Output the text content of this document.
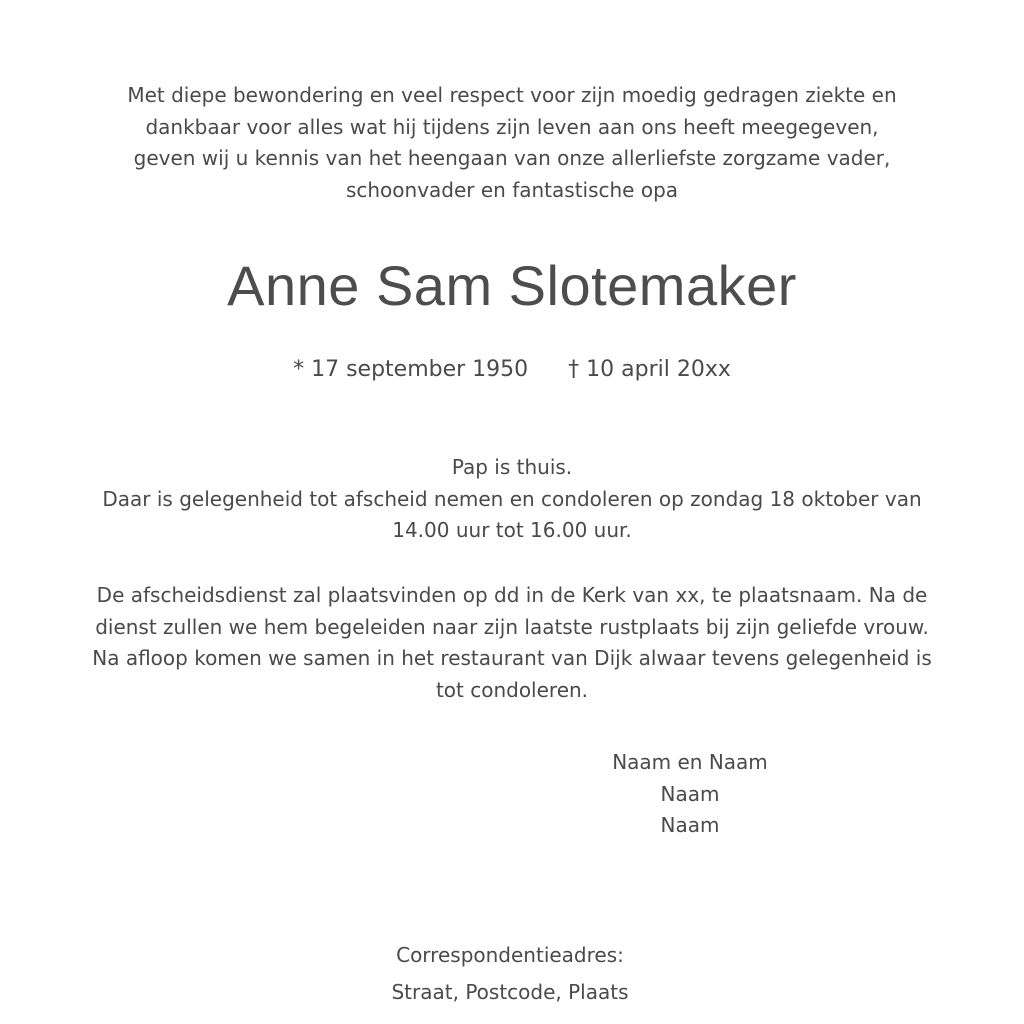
Met diepe bewondering en veel respect voor zijn moedig gedragen ziekte en
dankbaar voor alles wat hij tijdens zijn leven aan ons heeft meegegeven,
geven wij u kennis van het heengaan van onze allerliefste zorgzame vader,
schoonvader en fantastische opa
Anne Sam Slotemaker
* 17 september 1950 † 10 april 20xx
Pap is thuis.
Daar is gelegenheid tot afscheid nemen en condoleren op zondag 18 oktober van
14.00 uur tot 16.00 uur.
De afscheidsdienst zal plaatsvinden op dd in de Kerk van xx, te plaatsnaam. Na de
dienst zullen we hem begeleiden naar zijn laatste rustplaats bij zijn geliefde vrouw.
Na afloop komen we samen in het restaurant van Dijk alwaar tevens gelegenheid is
tot condoleren.
Naam en Naam
Naam
Naam
Correspondentieadres:
Straat, Postcode, Plaats
